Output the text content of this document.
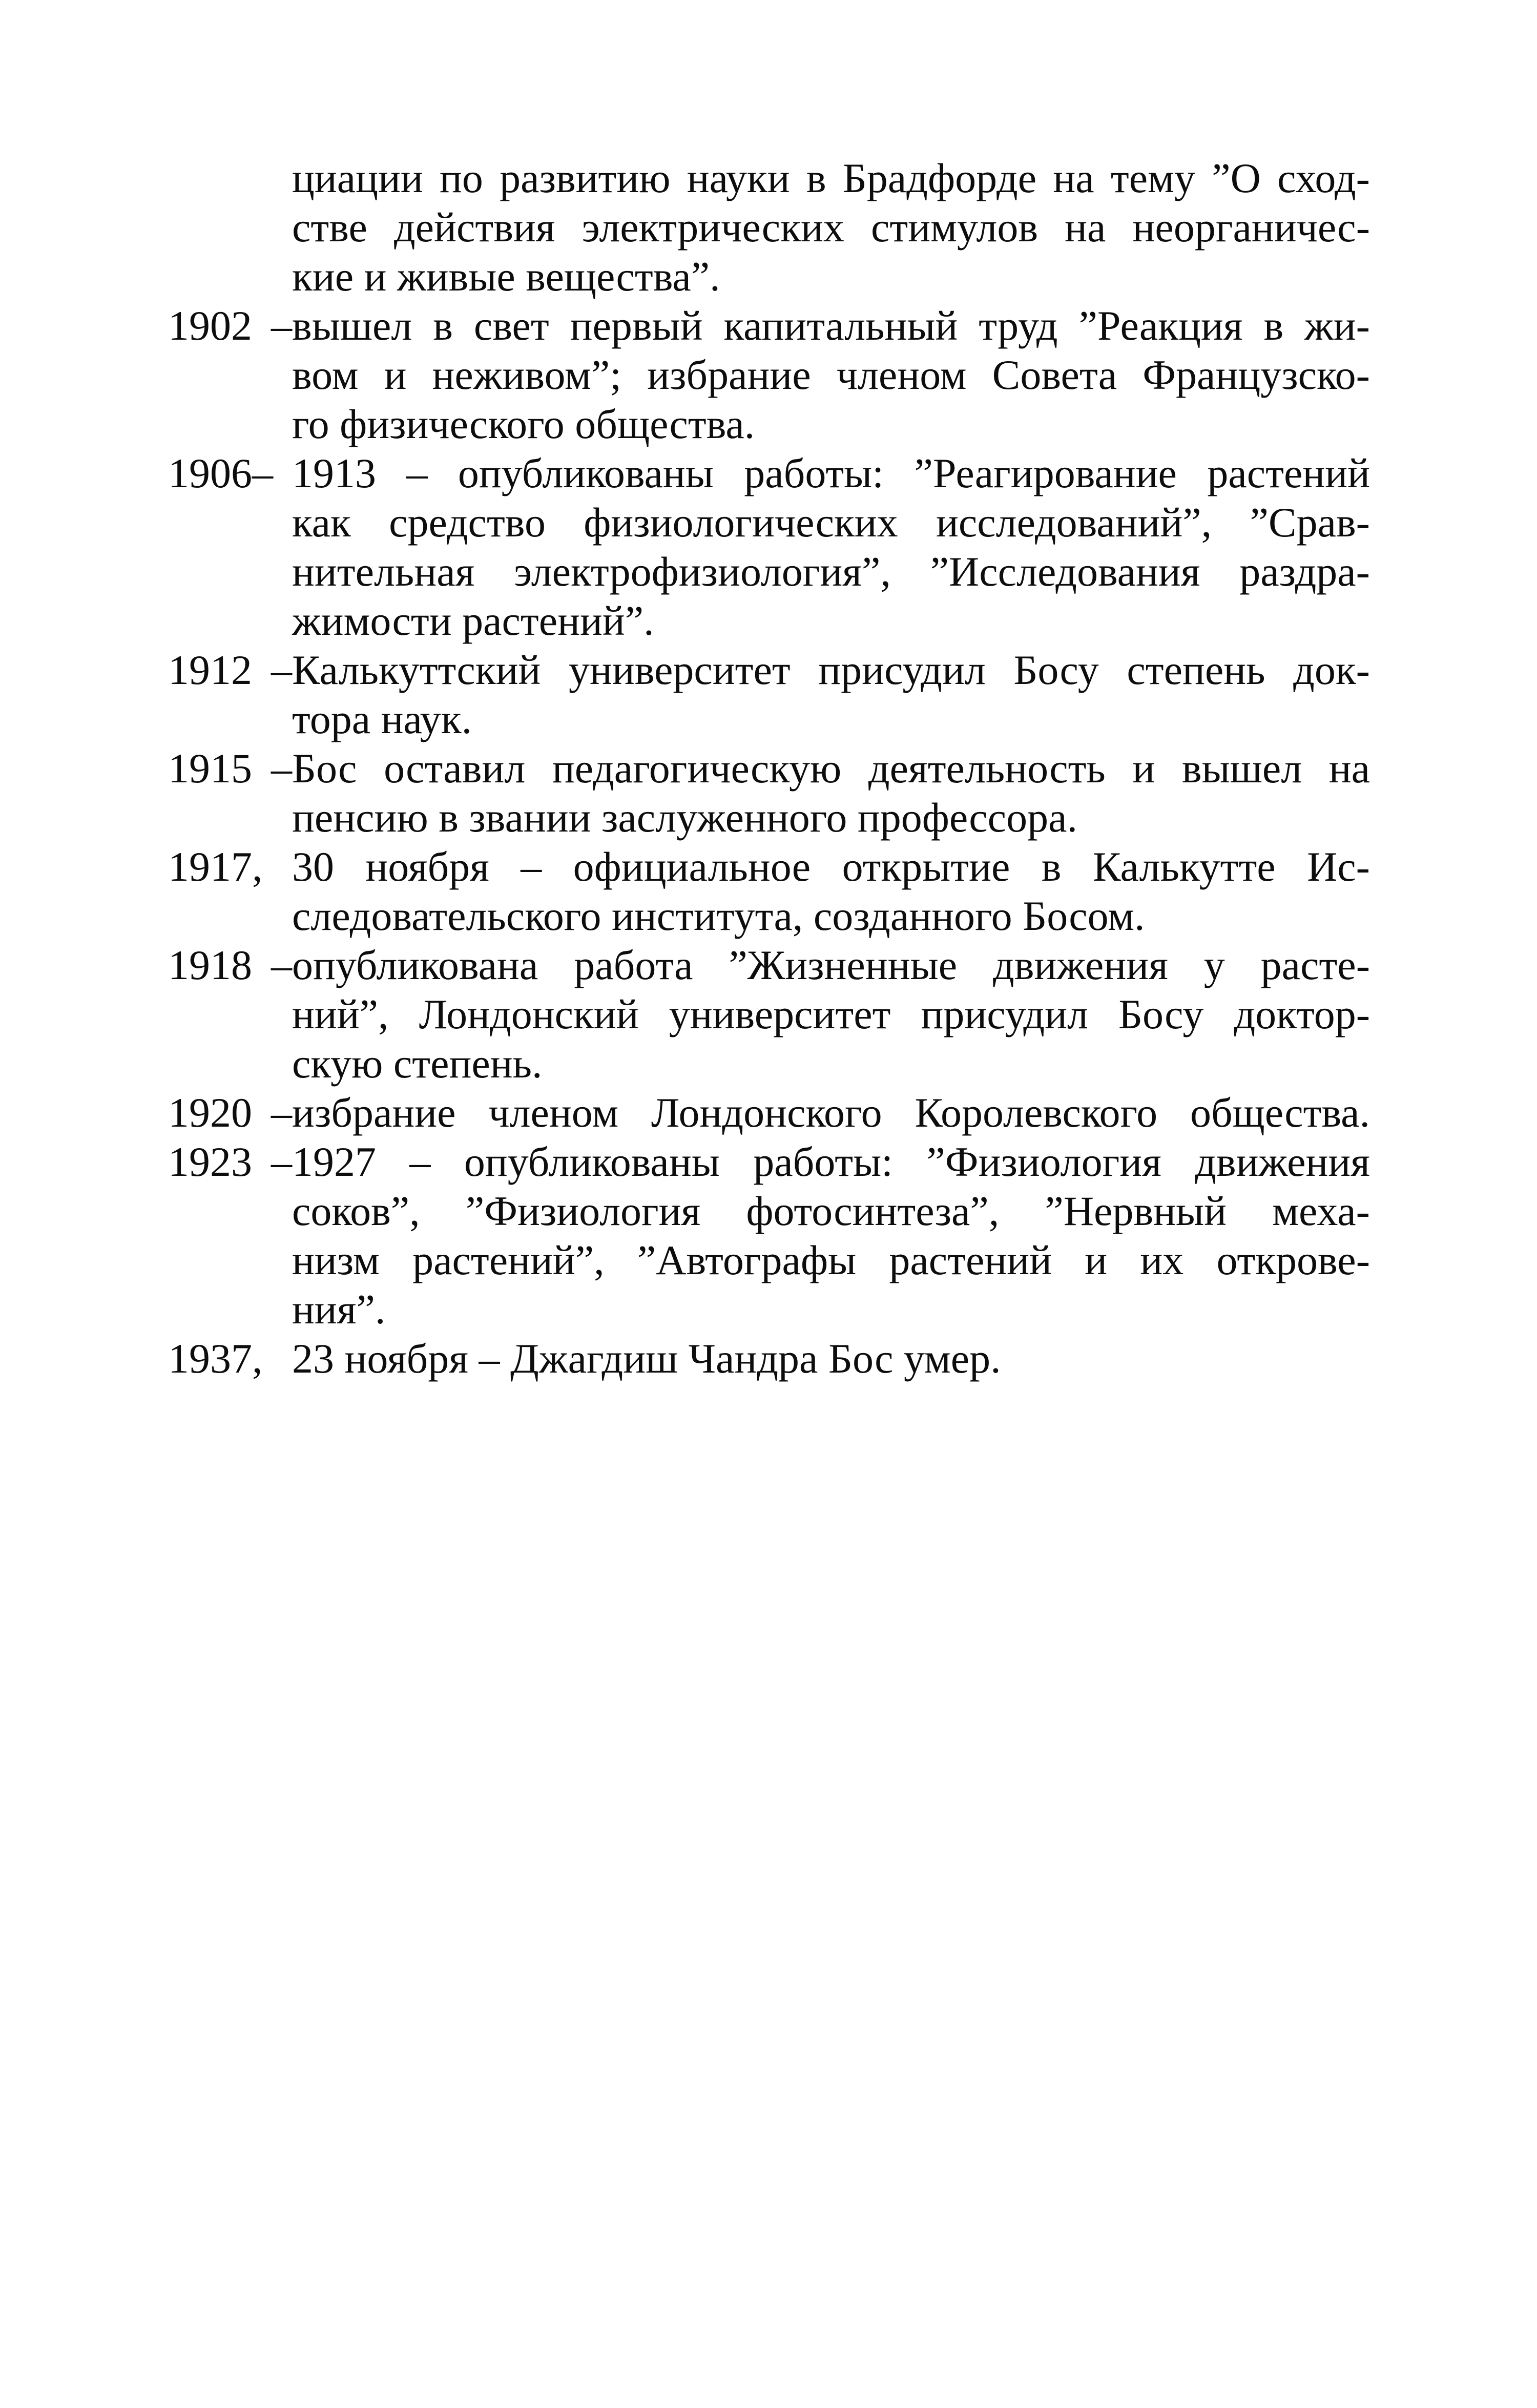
циации по развитию науки в Брадфорде на тему ”О сход-
стве действия электрических стимулов на неорганичес-
кие и живые вещества”.
1902 – вышел в свет первый капитальный труд ”Реакция в жи-
вом и неживом”; избрание членом Совета Французско-
го физического общества.
1906– 1913 – опубликованы работы: ”Реагирование растений
как средство физиологических исследований”, ”Срав-
нительная электрофизиология”, ”Исследования раздра-
жимости растений”.
1912 – Калькуттский университет присудил Босу степень док-
тора наук.
1915 – Бос оставил педагогическую деятельность и вышел на
пенсию в звании заслуженного профессора.
1917, 30 ноября – официальное открытие в Калькутте Ис-
следовательского института, созданного Босом.
1918 – опубликована работа ”Жизненные движения у расте-
ний”, Лондонский университет присудил Босу доктор-
скую степень.
1920 – избрание членом Лондонского Королевского общества.
1923 – 1927 – опубликованы работы: ”Физиология движения
соков”, ”Физиология фотосинтеза”, ”Нервный меха-
низм растений”, ”Автографы растений и их открове-
ния”.
1937, 23 ноября – Джагдиш Чандра Бос умер.
